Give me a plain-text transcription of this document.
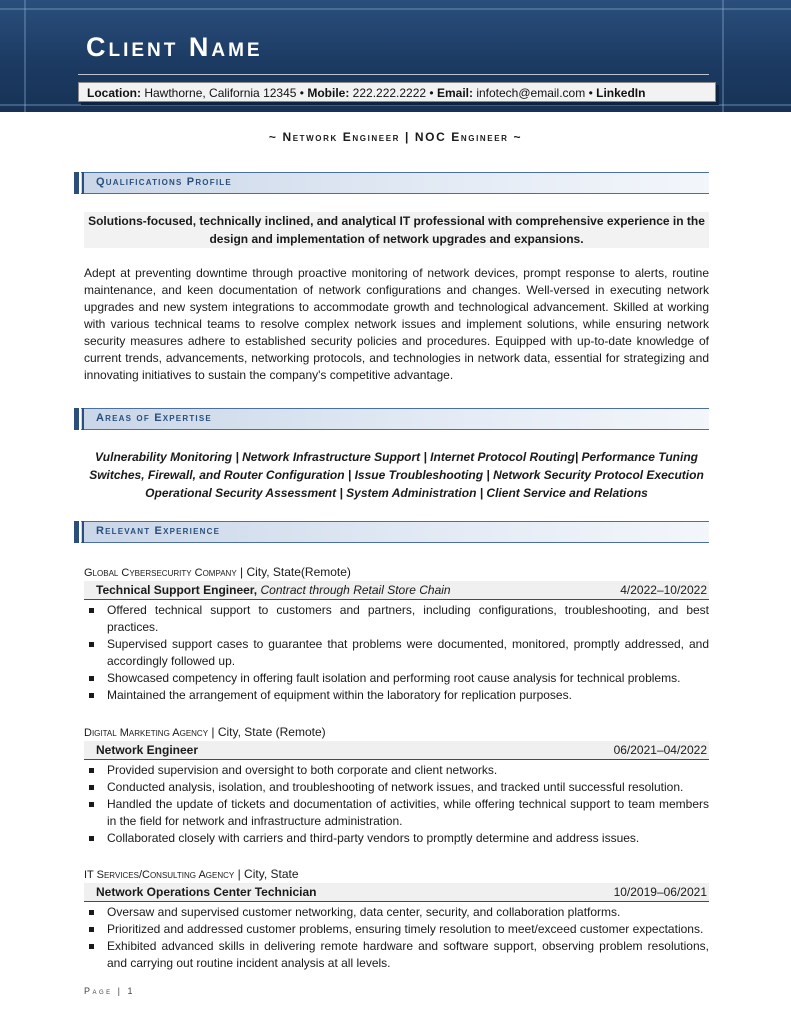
Client Name
Location: Hawthorne, California 12345 • Mobile: 222.222.2222 • Email: infotech@email.com • LinkedIn
~ Network Engineer | NOC Engineer ~
Qualifications Profile
Solutions-focused, technically inclined, and analytical IT professional with comprehensive experience in the design and implementation of network upgrades and expansions.
Adept at preventing downtime through proactive monitoring of network devices, prompt response to alerts, routine maintenance, and keen documentation of network configurations and changes. Well-versed in executing network upgrades and new system integrations to accommodate growth and technological advancement. Skilled at working with various technical teams to resolve complex network issues and implement solutions, while ensuring network security measures adhere to established security policies and procedures. Equipped with up-to-date knowledge of current trends, advancements, networking protocols, and technologies in network data, essential for strategizing and innovating initiatives to sustain the company's competitive advantage.
Areas of Expertise
Vulnerability Monitoring | Network Infrastructure Support | Internet Protocol Routing| Performance Tuning
Switches, Firewall, and Router Configuration | Issue Troubleshooting | Network Security Protocol Execution
Operational Security Assessment | System Administration | Client Service and Relations
Relevant Experience
Global Cybersecurity Company | City, State(Remote)
Technical Support Engineer, Contract through Retail Store Chain	4/2022–10/2022
Offered technical support to customers and partners, including configurations, troubleshooting, and best practices.
Supervised support cases to guarantee that problems were documented, monitored, promptly addressed, and accordingly followed up.
Showcased competency in offering fault isolation and performing root cause analysis for technical problems.
Maintained the arrangement of equipment within the laboratory for replication purposes.
Digital Marketing Agency | City, State (Remote)
Network Engineer	06/2021–04/2022
Provided supervision and oversight to both corporate and client networks.
Conducted analysis, isolation, and troubleshooting of network issues, and tracked until successful resolution.
Handled the update of tickets and documentation of activities, while offering technical support to team members in the field for network and infrastructure administration.
Collaborated closely with carriers and third-party vendors to promptly determine and address issues.
IT Services/Consulting Agency | City, State
Network Operations Center Technician	10/2019–06/2021
Oversaw and supervised customer networking, data center, security, and collaboration platforms.
Prioritized and addressed customer problems, ensuring timely resolution to meet/exceed customer expectations.
Exhibited advanced skills in delivering remote hardware and software support, observing problem resolutions, and carrying out routine incident analysis at all levels.
Page | 1
